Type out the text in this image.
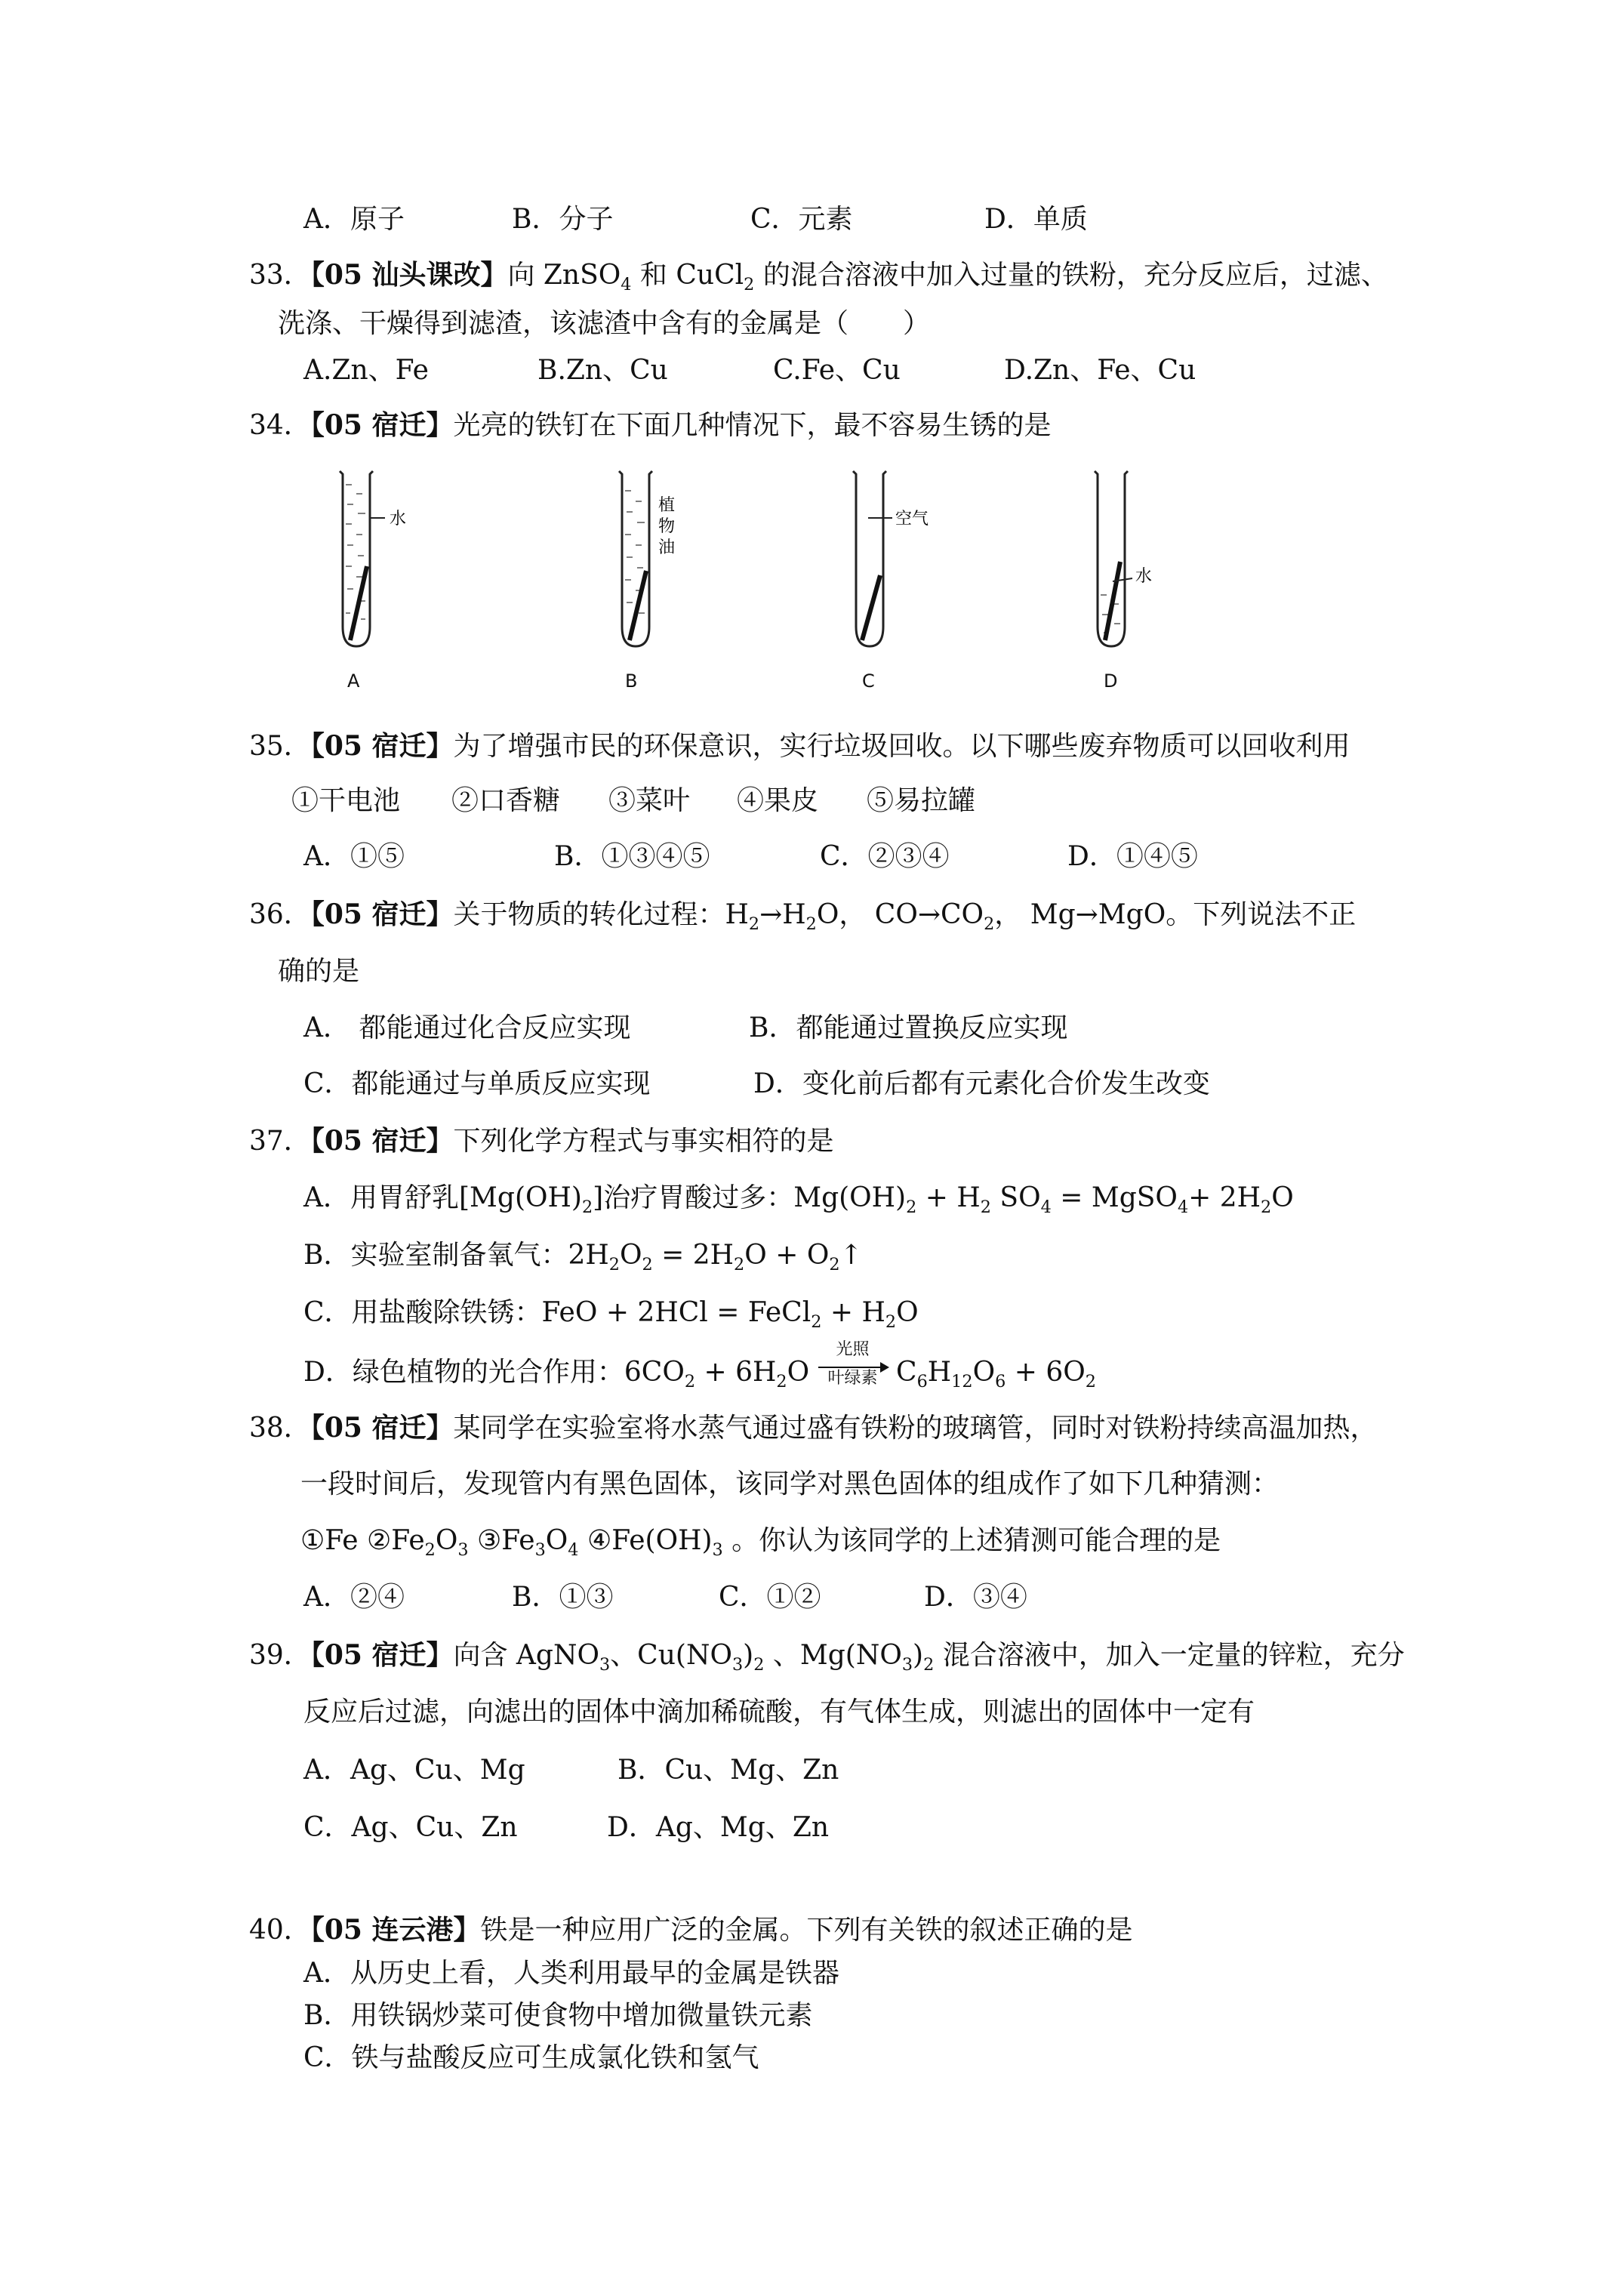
A．原子	B．分子	C．元素	D．单质
33．【05 汕头课改】向 ZnSO$_4$ 和 CuCl$_2$ 的混合溶液中加入过量的铁粉，充分反应后，过滤、
洗涤、干燥得到滤渣，该滤渣中含有的金属是（　　）
A.Zn、Fe	B.Zn、Cu	C.Fe、Cu	D.Zn、Fe、Cu
34．【05 宿迁】光亮的铁钉在下面几种情况下，最不容易生锈的是
水
A
植
物
油
B
空气
C
水
D
35．【05 宿迁】为了增强市民的环保意识，实行垃圾回收。以下哪些废弃物质可以回收利用
①干电池 ②口香糖 ③菜叶 ④果皮 ⑤易拉罐
A．①⑤	B．①③④⑤	C．②③④	D．①④⑤
36．【05 宿迁】关于物质的转化过程：$H_2\to H_2O$， $CO\to CO_2$， Mg→MgO。下列说法不正
确的是
A． 都能通过化合反应实现	B．都能通过置换反应实现
C．都能通过与单质反应实现	D．变化前后都有元素化合价发生改变
37．【05 宿迁】下列化学方程式与事实相符的是
A．用胃舒乳$[Mg(OH)_2]$治疗胃酸过多：$Mg(OH)_2 + H_2$ $SO_4$ = MgSO$_4$+ $2H_2O$
B．实验室制备氧气：$2H_2O_2 = 2H_2O$ + $O_2↑$
C．用盐酸除铁锈：FeO + 2HCl = FeCl$_2$ + $H_2O$
D．绿色植物的光合作用：$6CO_2 + 6H_2O \frac{\text{光照}}{\text{叶绿素}} C_6H_{12}O_6 + 6O_2$
38．【05 宿迁】某同学在实验室将水蒸气通过盛有铁粉的玻璃管，同时对铁粉持续高温加热，
一段时间后，发现管内有黑色固体，该同学对黑色固体的组成作了如下几种猜测：
①Fe $②Fe_2O_3$ $③Fe_3O_4$ $④Fe(OH)_3$ 。你认为该同学的上述猜测可能合理的是
A．②④	B．①③	C．①②	D．③④
39．【05 宿迁】向含 AgNO$_3$、$Cu(NO_3)_2$ 、$Mg(NO_3)_2$ 混合溶液中，加入一定量的锌粒，充分
反应后过滤，向滤出的固体中滴加稀硫酸，有气体生成，则滤出的固体中一定有
A．Ag、Cu、Mg	B．Cu、Mg、Zn
C．Ag、Cu、Zn	D．Ag、Mg、Zn
40．【05 连云港】铁是一种应用广泛的金属。下列有关铁的叙述正确的是
A．从历史上看，人类利用最早的金属是铁器
B．用铁锅炒菜可使食物中增加微量铁元素
C．铁与盐酸反应可生成氯化铁和氢气
